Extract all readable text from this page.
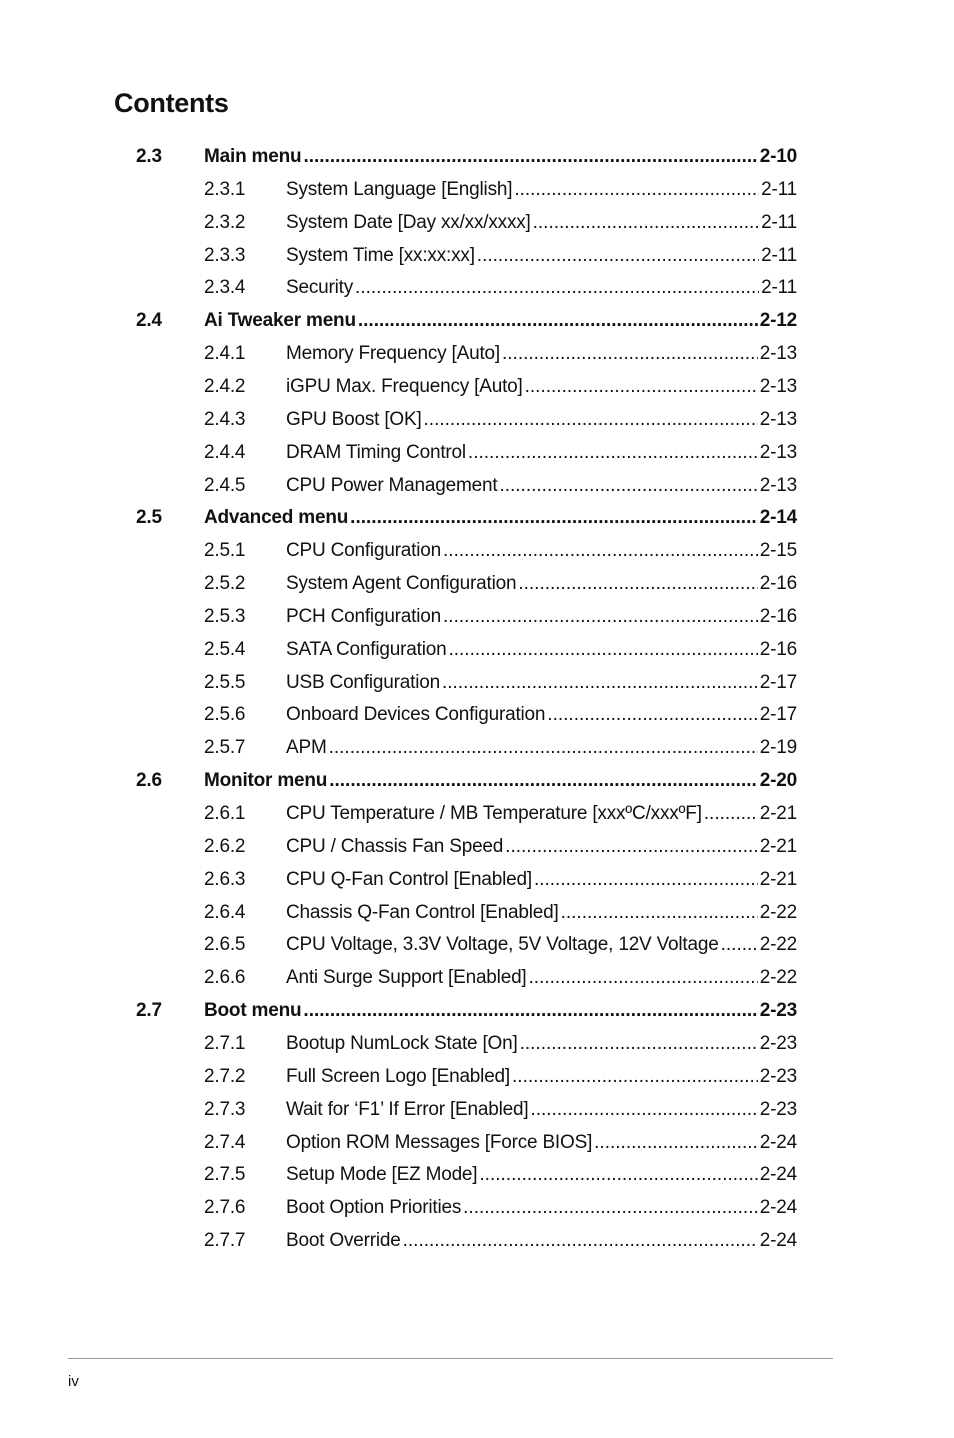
Contents
2.3 Main menu .....	2-10
2.3.1 System Language [English] .....	2-11
2.3.2 System Date [Day xx/xx/xxxx] .....	2-11
2.3.3 System Time [xx:xx:xx] .....	2-11
2.3.4 Security .....	2-11
2.4 Ai Tweaker menu .....	2-12
2.4.1 Memory Frequency [Auto] .....	2-13
2.4.2 iGPU Max. Frequency [Auto] .....	2-13
2.4.3 GPU Boost [OK] .....	2-13
2.4.4 DRAM Timing Control .....	2-13
2.4.5 CPU Power Management .....	2-13
2.5 Advanced menu .....	2-14
2.5.1 CPU Configuration .....	2-15
2.5.2 System Agent Configuration .....	2-16
2.5.3 PCH Configuration .....	2-16
2.5.4 SATA Configuration .....	2-16
2.5.5 USB Configuration .....	2-17
2.5.6 Onboard Devices Configuration .....	2-17
2.5.7 APM .....	2-19
2.6 Monitor menu .....	2-20
2.6.1 CPU Temperature / MB Temperature [xxxºC/xxxºF] .....	2-21
2.6.2 CPU / Chassis Fan Speed .....	2-21
2.6.3 CPU Q-Fan Control [Enabled] .....	2-21
2.6.4 Chassis Q-Fan Control [Enabled] .....	2-22
2.6.5 CPU Voltage, 3.3V Voltage, 5V Voltage, 12V Voltage ..... 2-22
2.6.6 Anti Surge Support [Enabled] .....	2-22
2.7 Boot menu .....	2-23
2.7.1 Bootup NumLock State [On] .....	2-23
2.7.2 Full Screen Logo [Enabled] .....	2-23
2.7.3 Wait for ‘F1’ If Error [Enabled] .....	2-23
2.7.4 Option ROM Messages [Force BIOS] .....	2-24
2.7.5 Setup Mode [EZ Mode] .....	2-24
2.7.6 Boot Option Priorities .....	2-24
2.7.7 Boot Override .....	2-24
iv
